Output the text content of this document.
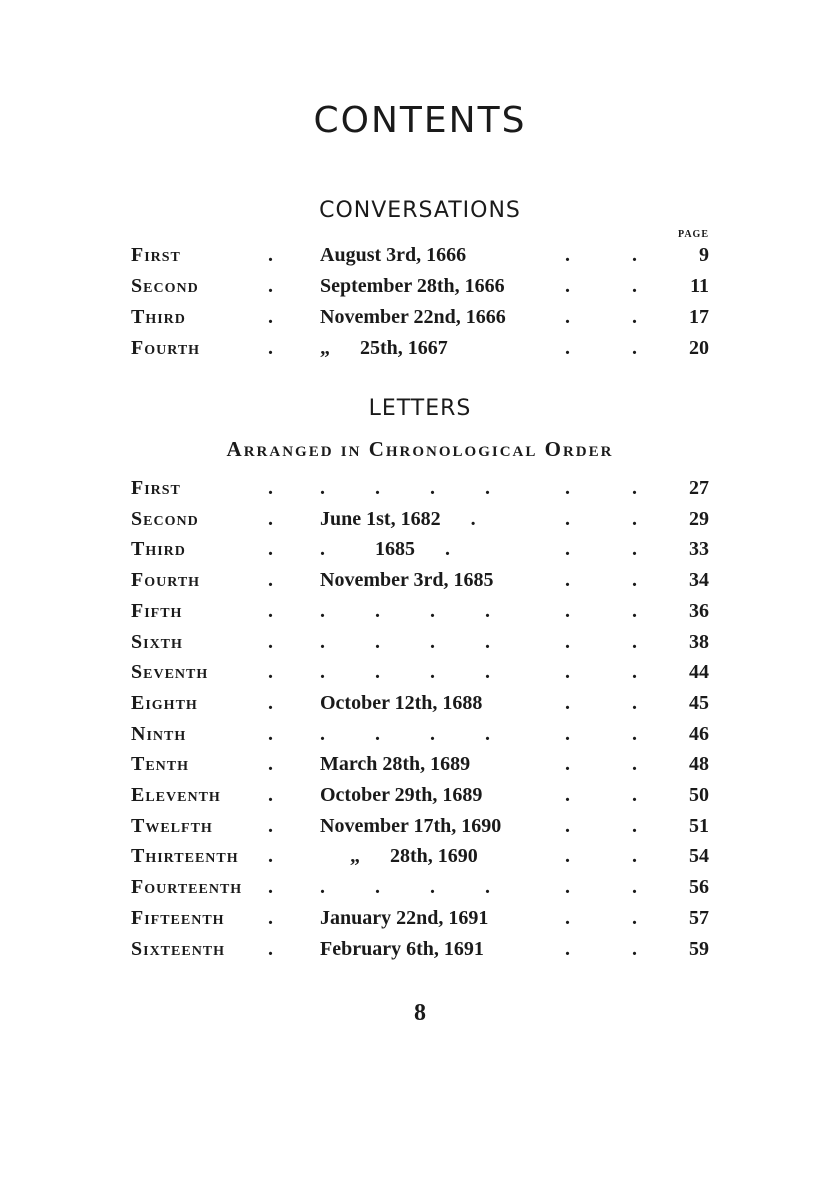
CONTENTS
CONVERSATIONS
PAGE
First	. August 3rd, 1666	.	.	9
Second	. September 28th, 1666	.	.	11
Third	. November 22nd, 1666	.	.	17
Fourth	. „      25th, 1667	.	.	20
LETTERS
Arranged in Chronological Order
First	. .          .          .          .	.	.	27
Second	. June 1st, 1682      .	.	.	29
Third	. .          1685      .	.	.	33
Fourth	. November 3rd, 1685	.	.	34
Fifth	. .          .          .          .	.	.	36
Sixth	. .          .          .          .	.	.	38
Seventh	. .          .          .          .	.	.	44
Eighth	. October 12th, 1688	.	.	45
Ninth	. .          .          .          .	.	.	46
Tenth	. March 28th, 1689	.	.	48
Eleventh . October 29th, 1689	.	.	50
Twelfth	. November 17th, 1690	.	.	51
Thirteenth . „      28th, 1690	.	.	54
Fourteenth . .          .          .          .	.	.	56
Fifteenth . January 22nd, 1691	.	.	57
Sixteenth . February 6th, 1691	.	.	59
8
